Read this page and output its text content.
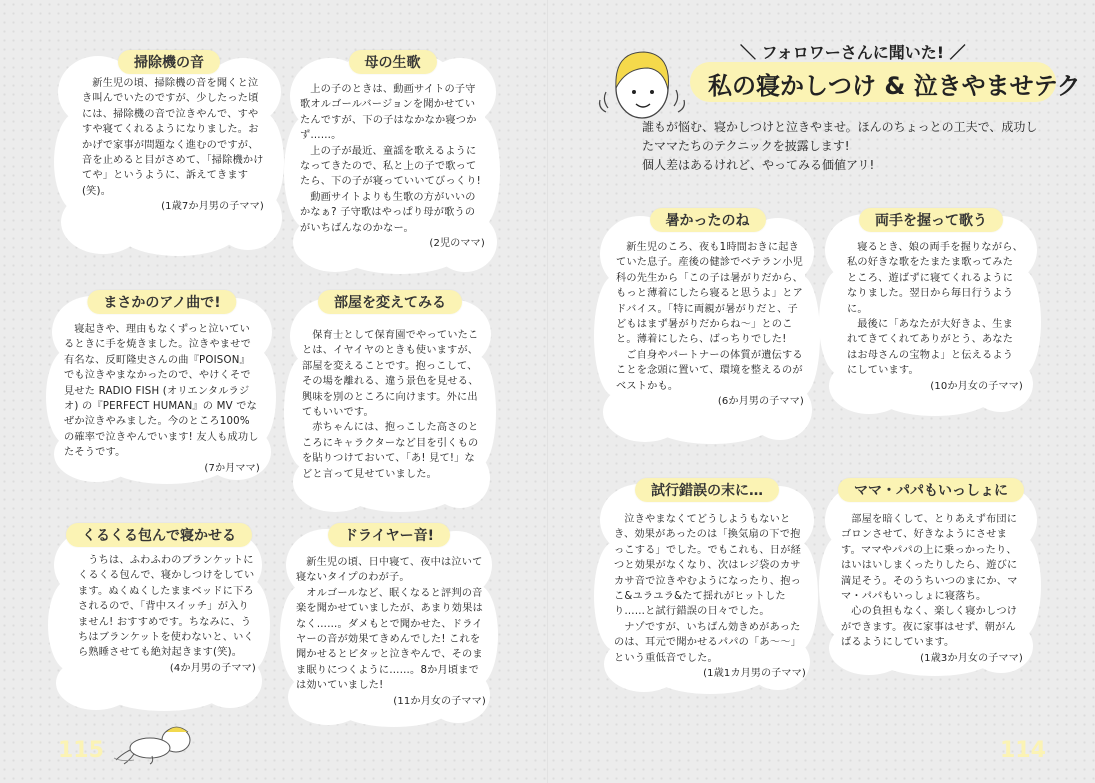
掃除機の音

新生児の頃、掃除機の音を聞くと泣き叫んでいたのですが、少したった頃には、掃除機の音で泣きやんで、すやすや寝てくれるようになりました。おかげで家事が問題なく進むのですが、音を止めると目がさめて、「掃除機かけてや」というように、訴えてきます(笑)。

(1歳7か月男の子ママ)
母の生歌

上の子のときは、動画サイトの子守歌オルゴールバージョンを聞かせていたんですが、下の子はなかなか寝つかず……。

上の子が最近、童謡を歌えるようになってきたので、私と上の子で歌ってたら、下の子が寝っていいてびっくり!

動画サイトよりも生歌の方がいいのかなぁ? 子守歌はやっぱり母が歌うのがいちばんなのかなー。

(2児のママ)
まさかのアノ曲で!

寝起きや、理由もなくずっと泣いているときに手を焼きました。泣きやませで有名な、反町隆史さんの曲『POISON』でも泣きやまなかったので、やけくそで見せた RADIO FISH (オリエンタルラジオ) の『PERFECT HUMAN』の MV でなぜか泣きやみました。今のところ100%の確率で泣きやんでいます! 友人も成功したそうです。

(7か月ママ)
部屋を変えてみる

保育士として保育園でやっていたことは、イヤイヤのときも使いますが、部屋を変えることです。抱っこして、その場を離れる、違う景色を見せる、興味を別のところに向けます。外に出てもいいです。

赤ちゃんには、抱っこした高さのところにキャラクターなど目を引くものを貼りつけておいて、「あ! 見て!」などと言って見せていました。

くるくる包んで寝かせる

うちは、ふわふわのブランケットにくるくる包んで、寝かしつけをしています。ぬくぬくしたままベッドに下ろされるので、「背中スイッチ」が入りません! おすすめです。ちなみに、うちはブランケットを使わないと、いくら熟睡させても絶対起きます(笑)。

(4か月男の子ママ)
ドライヤー音!

新生児の頃、日中寝て、夜中は泣いて寝ないタイプのわが子。

オルゴールなど、眠くなると評判の音楽を聞かせていましたが、あまり効果はなく……。ダメもとで聞かせた、ドライヤーの音が効果てきめんでした! これを聞かせるとピタッと泣きやんで、そのまま眠りにつくように……。8か月頃までは効いていました!

(11か月女の子ママ)
115
＼ フォロワーさんに聞いた! ／
私の寝かしつけ & 泣きやませテク

誰もが悩む、寝かしつけと泣きやませ。ほんのちょっとの工夫で、成功したママたちのテクニックを披露します!

個人差はあるけれど、やってみる価値アリ!

暑かったのね

新生児のころ、夜も1時間おきに起きていた息子。産後の健診でベテラン小児科の先生から「この子は暑がりだから、もっと薄着にしたら寝ると思うよ」とアドバイス。「特に両親が暑がりだと、子どもはまず暑がりだからね〜」とのこと。薄着にしたら、ばっちりでした!

ご自身やパートナーの体質が遺伝することを念頭に置いて、環境を整えるのがベストかも。

(6か月男の子ママ)
両手を握って歌う

寝るとき、娘の両手を握りながら、私の好きな歌をたまたま歌ってみたところ、遊ばずに寝てくれるようになりました。翌日から毎日行うように。

最後に「あなたが大好きよ、生まれてきてくれてありがとう、あなたはお母さんの宝物よ」と伝えるようにしています。

(10か月女の子ママ)
試行錯誤の末に…

泣きやまなくてどうしようもないとき、効果があったのは「換気扇の下で抱っこする」でした。でもこれも、日が経つと効果がなくなり、次はレジ袋のカサカサ音で泣きやむようになったり、抱っこ&ユラユラ&たて揺れがヒットしたり……と試行錯誤の日々でした。

ナゾですが、いちばん効きめがあったのは、耳元で聞かせるパパの「あ〜〜」という重低音でした。

(1歳1カ月男の子ママ)
ママ・パパもいっしょに

部屋を暗くして、とりあえず布団にゴロンさせて、好きなようにさせます。ママやパパの上に乗っかったり、はいはいしまくったりしたら、遊びに満足そう。そのうちいつのまにか、ママ・パパもいっしょに寝落ち。

心の負担もなく、楽しく寝かしつけができます。夜に家事はせず、朝がんばるようにしています。

(1歳3か月女の子ママ)
114
